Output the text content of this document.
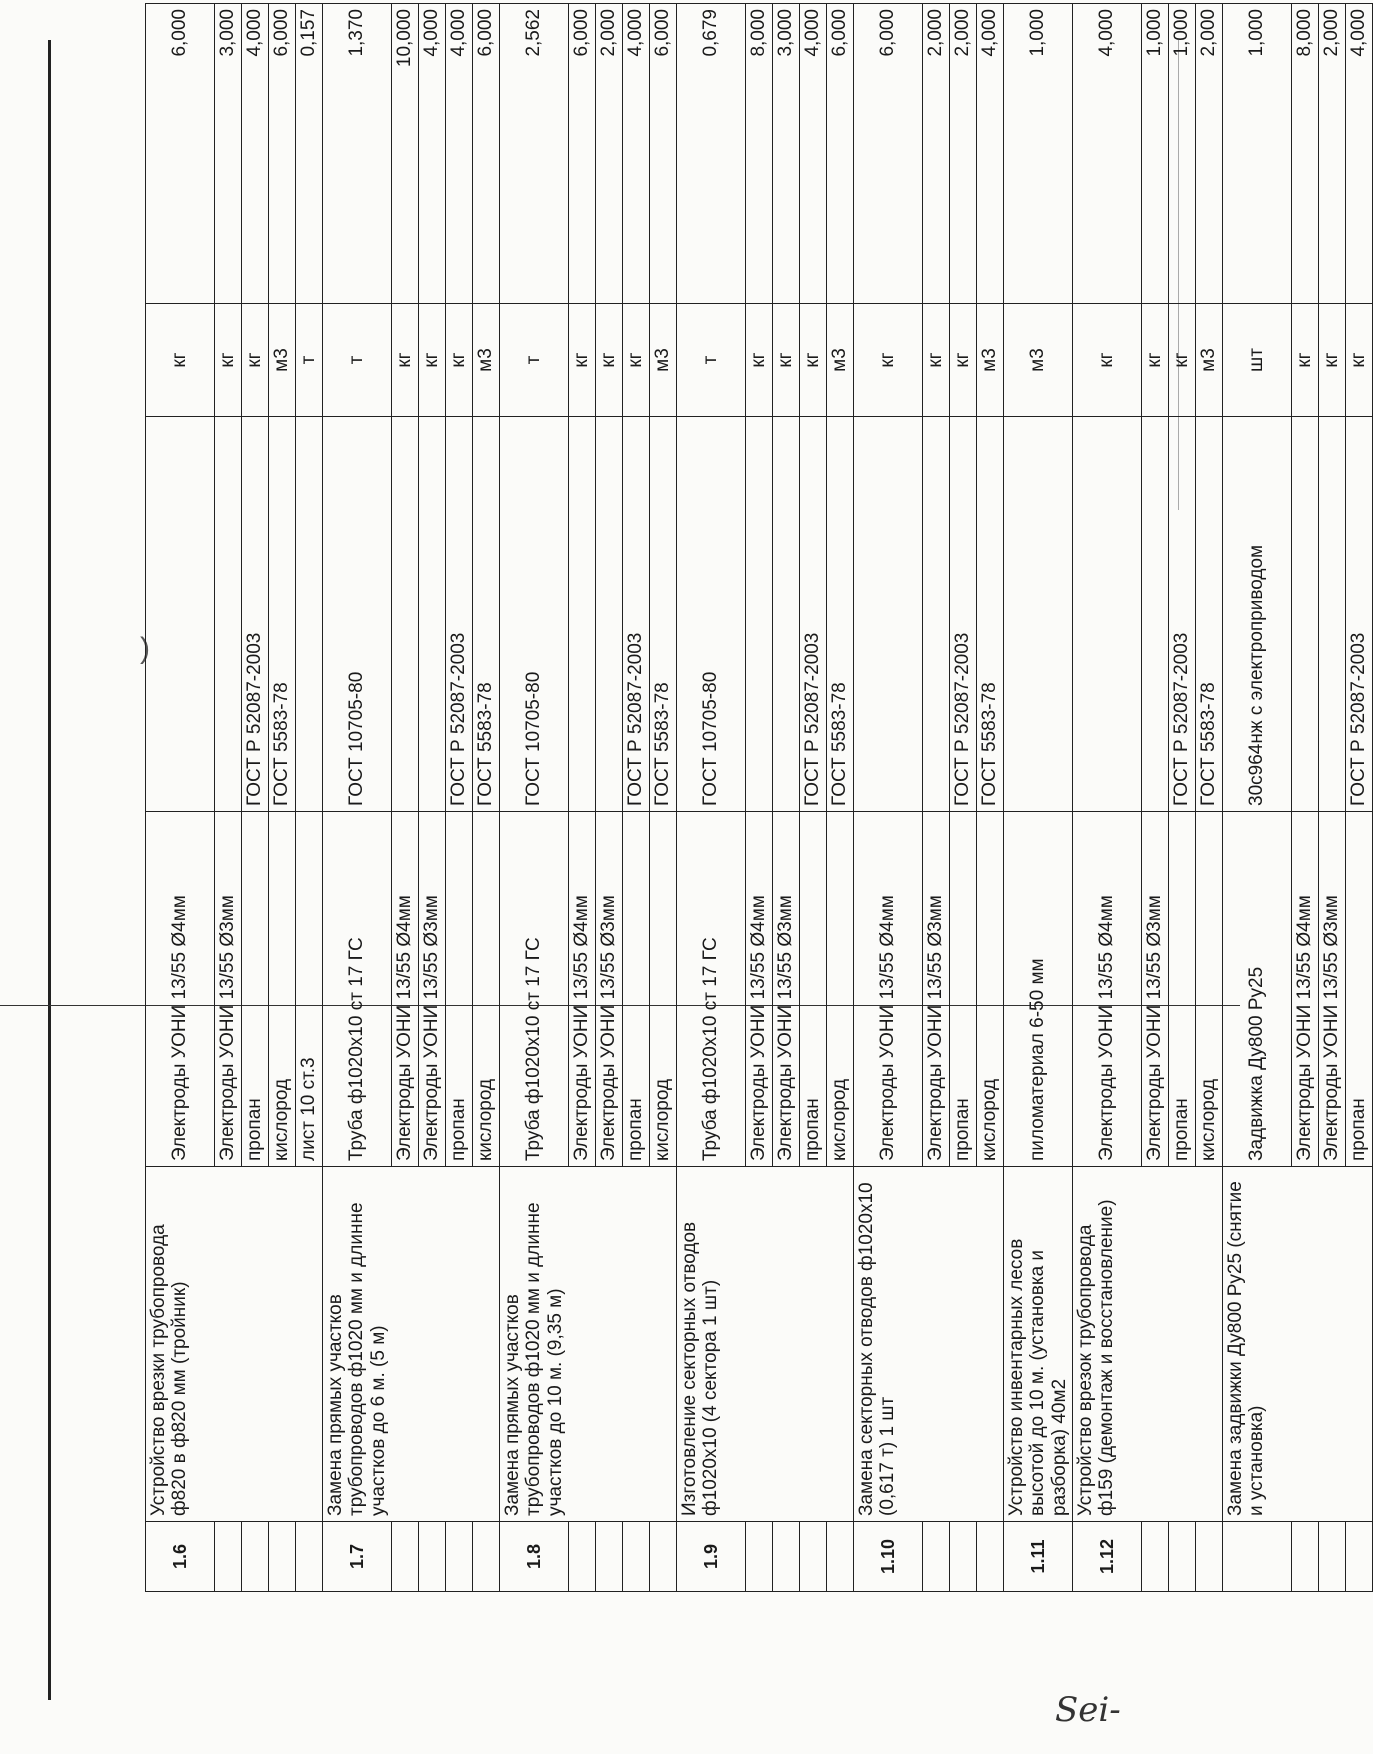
)
1.6	Устройство врезки трубопровода ф820 в ф820 мм (тройник)	Электроды УОНИ 13/55 Ø4мм		кг	6,000
		Электроды УОНИ 13/55 Ø3мм		кг	3,000
		пропан	ГОСТ Р 52087-2003	кг	4,000
		кислород	ГОСТ 5583-78	м3	6,000
		лист 10 ст.3		т	0,157
1.7	Замена прямых участков трубопроводов ф1020 мм и длинне участков до 6 м. (5 м)	Труба ф1020х10 ст 17 ГС	ГОСТ 10705-80	т	1,370
		Электроды УОНИ 13/55 Ø4мм		кг	10,000
		Электроды УОНИ 13/55 Ø3мм		кг	4,000
		пропан	ГОСТ Р 52087-2003	кг	4,000
		кислород	ГОСТ 5583-78	м3	6,000
1.8	Замена прямых участков трубопроводов ф1020 мм и длинне участков до 10 м. (9,35 м)	Труба ф1020х10 ст 17 ГС	ГОСТ 10705-80	т	2,562
		Электроды УОНИ 13/55 Ø4мм		кг	6,000
		Электроды УОНИ 13/55 Ø3мм		кг	2,000
		пропан	ГОСТ Р 52087-2003	кг	4,000
		кислород	ГОСТ 5583-78	м3	6,000
1.9	Изготовление секторных отводов ф1020х10 (4 сектора 1 шт)	Труба ф1020х10 ст 17 ГС	ГОСТ 10705-80	т	0,679
		Электроды УОНИ 13/55 Ø4мм		кг	8,000
		Электроды УОНИ 13/55 Ø3мм		кг	3,000
		пропан	ГОСТ Р 52087-2003	кг	4,000
		кислород	ГОСТ 5583-78	м3	6,000
1.10	Замена секторных отводов ф1020х10 (0,617 т) 1 шт	Электроды УОНИ 13/55 Ø4мм		кг	6,000
		Электроды УОНИ 13/55 Ø3мм		кг	2,000
		пропан	ГОСТ Р 52087-2003	кг	2,000
		кислород	ГОСТ 5583-78	м3	4,000
1.11	Устройство инвентарных лесов высотой до 10 м. (установка и разборка) 40м2	пиломатериал 6-50 мм		м3	1,000
1.12	Устройство врезок трубопровода ф159 (демонтаж и восстановление)	Электроды УОНИ 13/55 Ø4мм		кг	4,000
		Электроды УОНИ 13/55 Ø3мм		кг	1,000
		пропан	ГОСТ Р 52087-2003	кг	1,000
		кислород	ГОСТ 5583-78	м3	2,000
	Замена задвижки Ду800 Ру25 (снятие и установка)	Задвижка Ду800 Ру25	30с964нж с электроприводом	шт	1,000
		Электроды УОНИ 13/55 Ø4мм		кг	8,000
		Электроды УОНИ 13/55 Ø3мм		кг	2,000
		пропан	ГОСТ Р 52087-2003	кг	4,000
Sei-
